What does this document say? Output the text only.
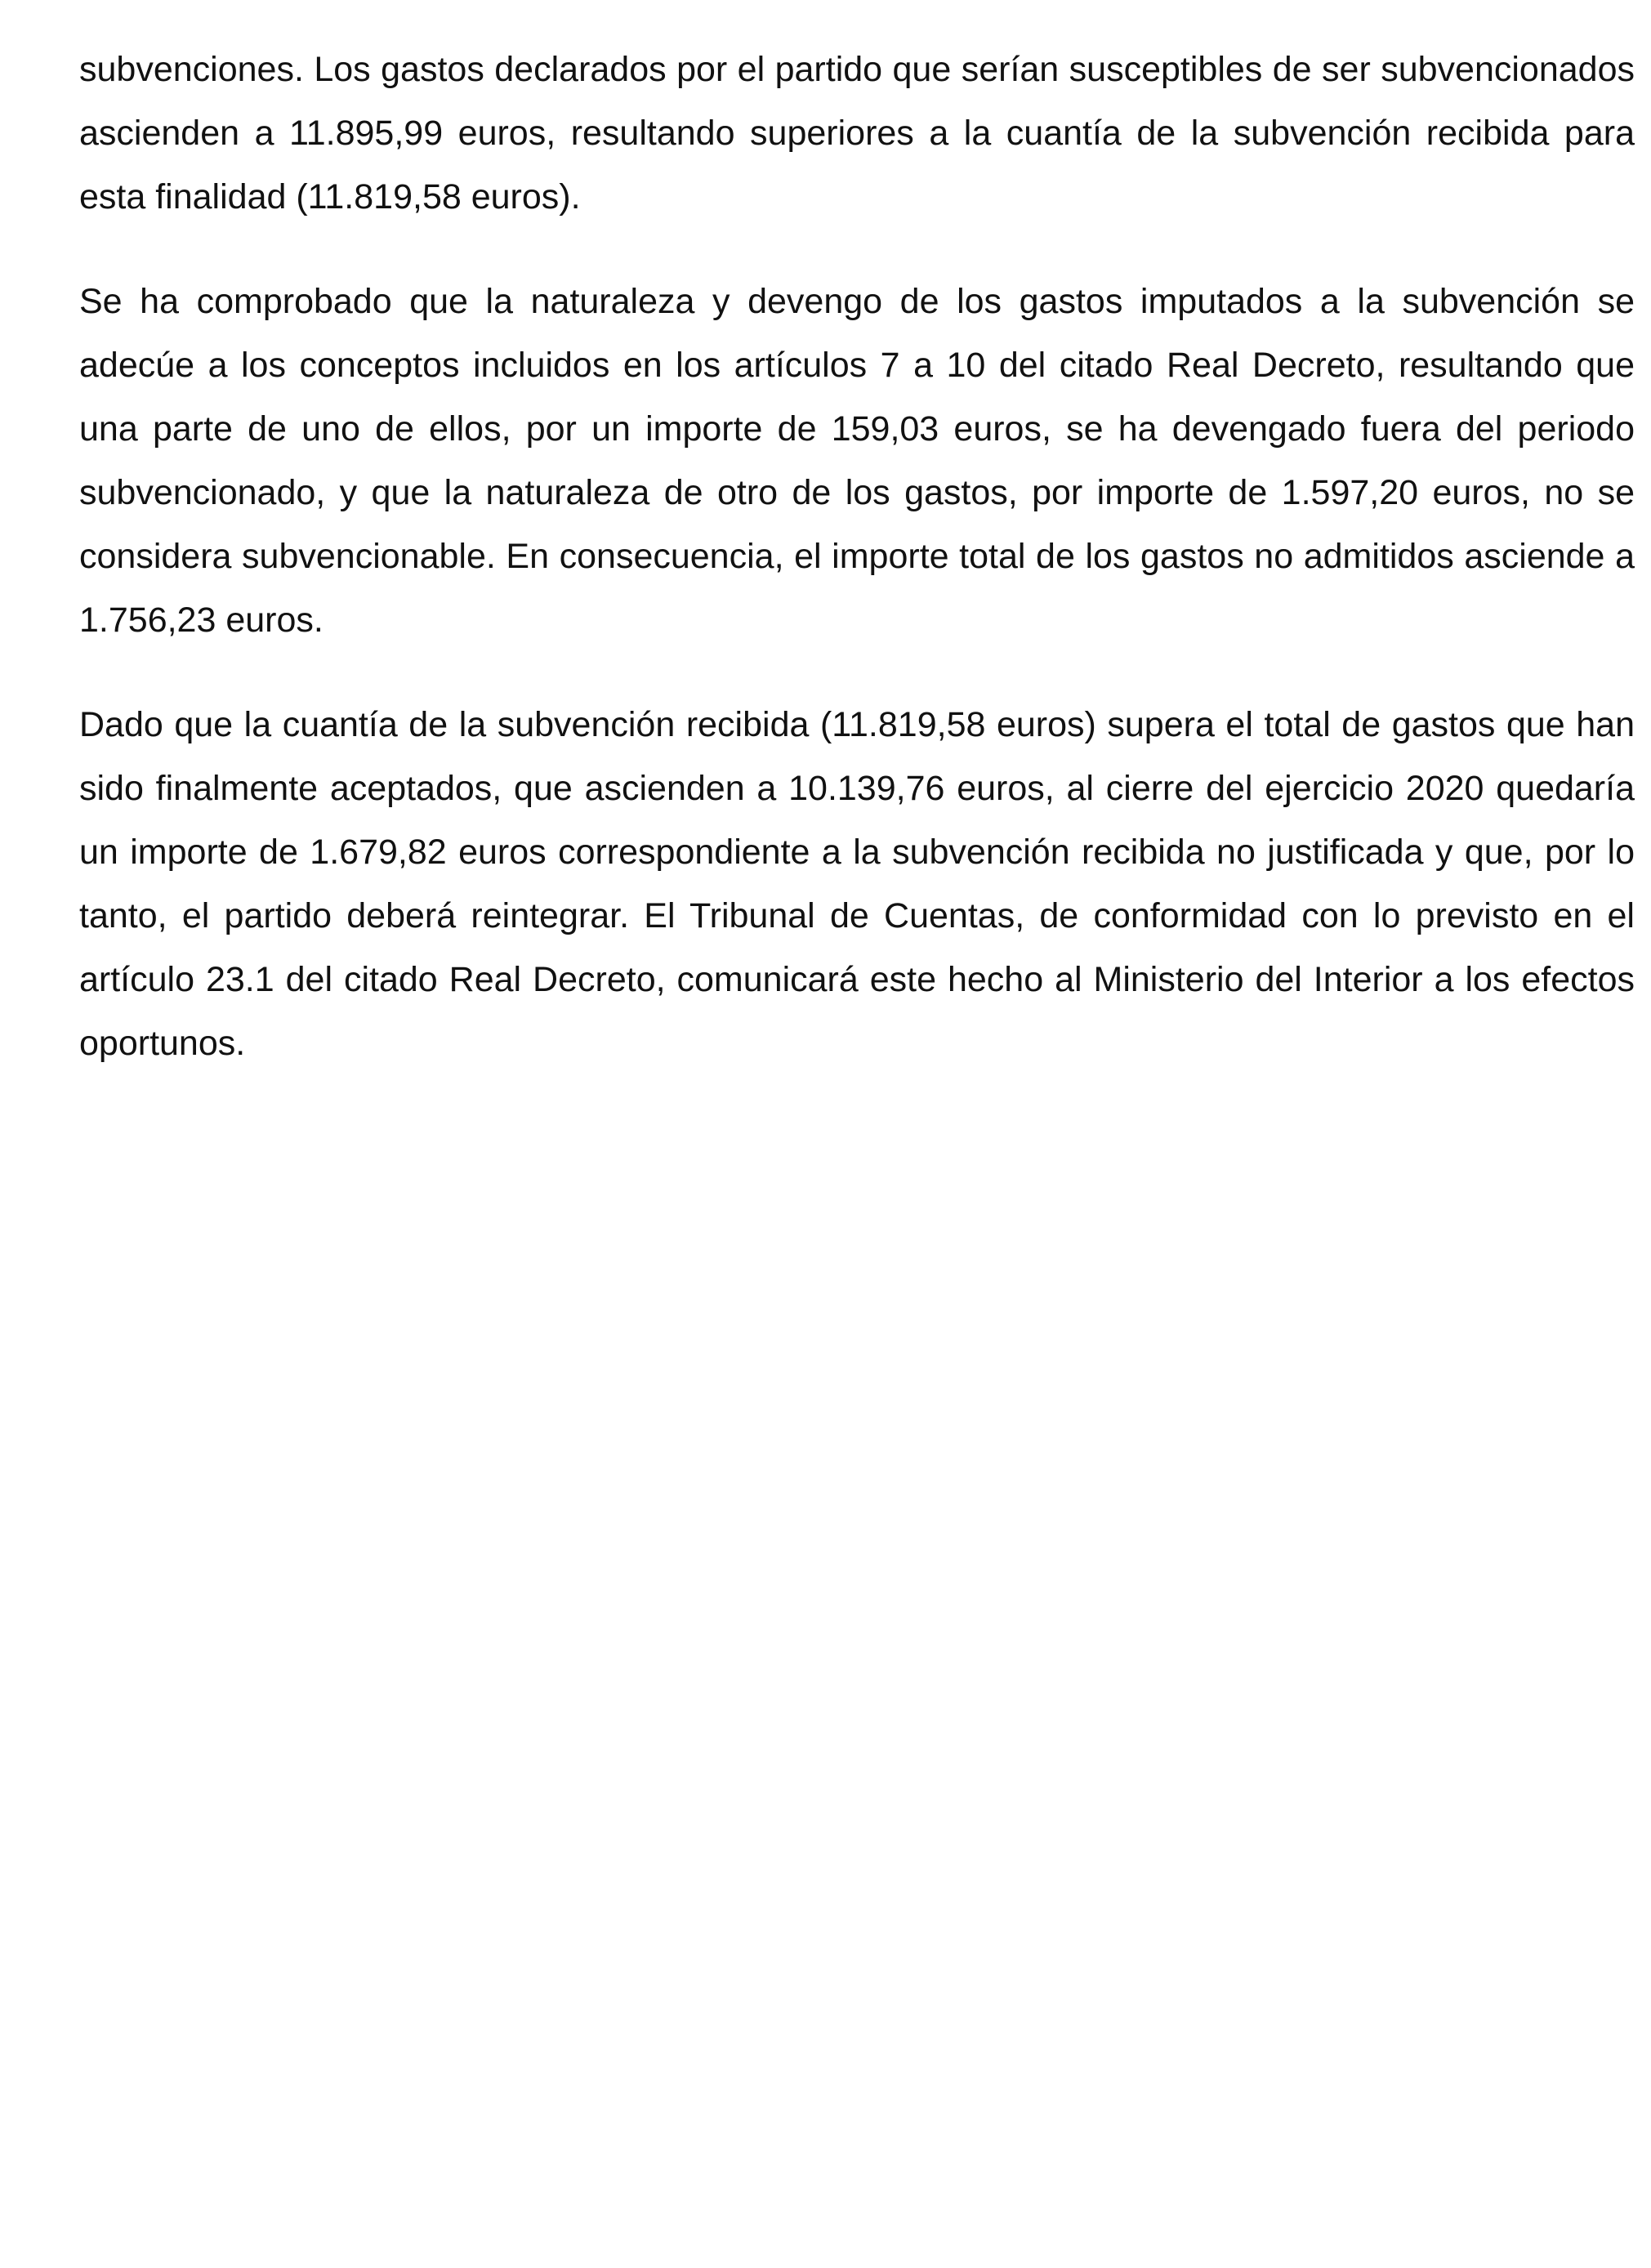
subvenciones. Los gastos declarados por el partido que serían susceptibles de ser subvencionados ascienden a 11.895,99 euros, resultando superiores a la cuantía de la subvención recibida para esta finalidad (11.819,58 euros).

Se ha comprobado que la naturaleza y devengo de los gastos imputados a la subvención se adecúe a los conceptos incluidos en los artículos 7 a 10 del citado Real Decreto, resultando que una parte de uno de ellos, por un importe de 159,03 euros, se ha devengado fuera del periodo subvencionado, y que la naturaleza de otro de los gastos, por importe de 1.597,20 euros, no se considera subvencionable. En consecuencia, el importe total de los gastos no admitidos asciende a 1.756,23 euros.

Dado que la cuantía de la subvención recibida (11.819,58 euros) supera el total de gastos que han sido finalmente aceptados, que ascienden a 10.139,76 euros, al cierre del ejercicio 2020 quedaría un importe de 1.679,82 euros correspondiente a la subvención recibida no justificada y que, por lo tanto, el partido deberá reintegrar. El Tribunal de Cuentas, de conformidad con lo previsto en el artículo 23.1 del citado Real Decreto, comunicará este hecho al Ministerio del Interior a los efectos oportunos.
